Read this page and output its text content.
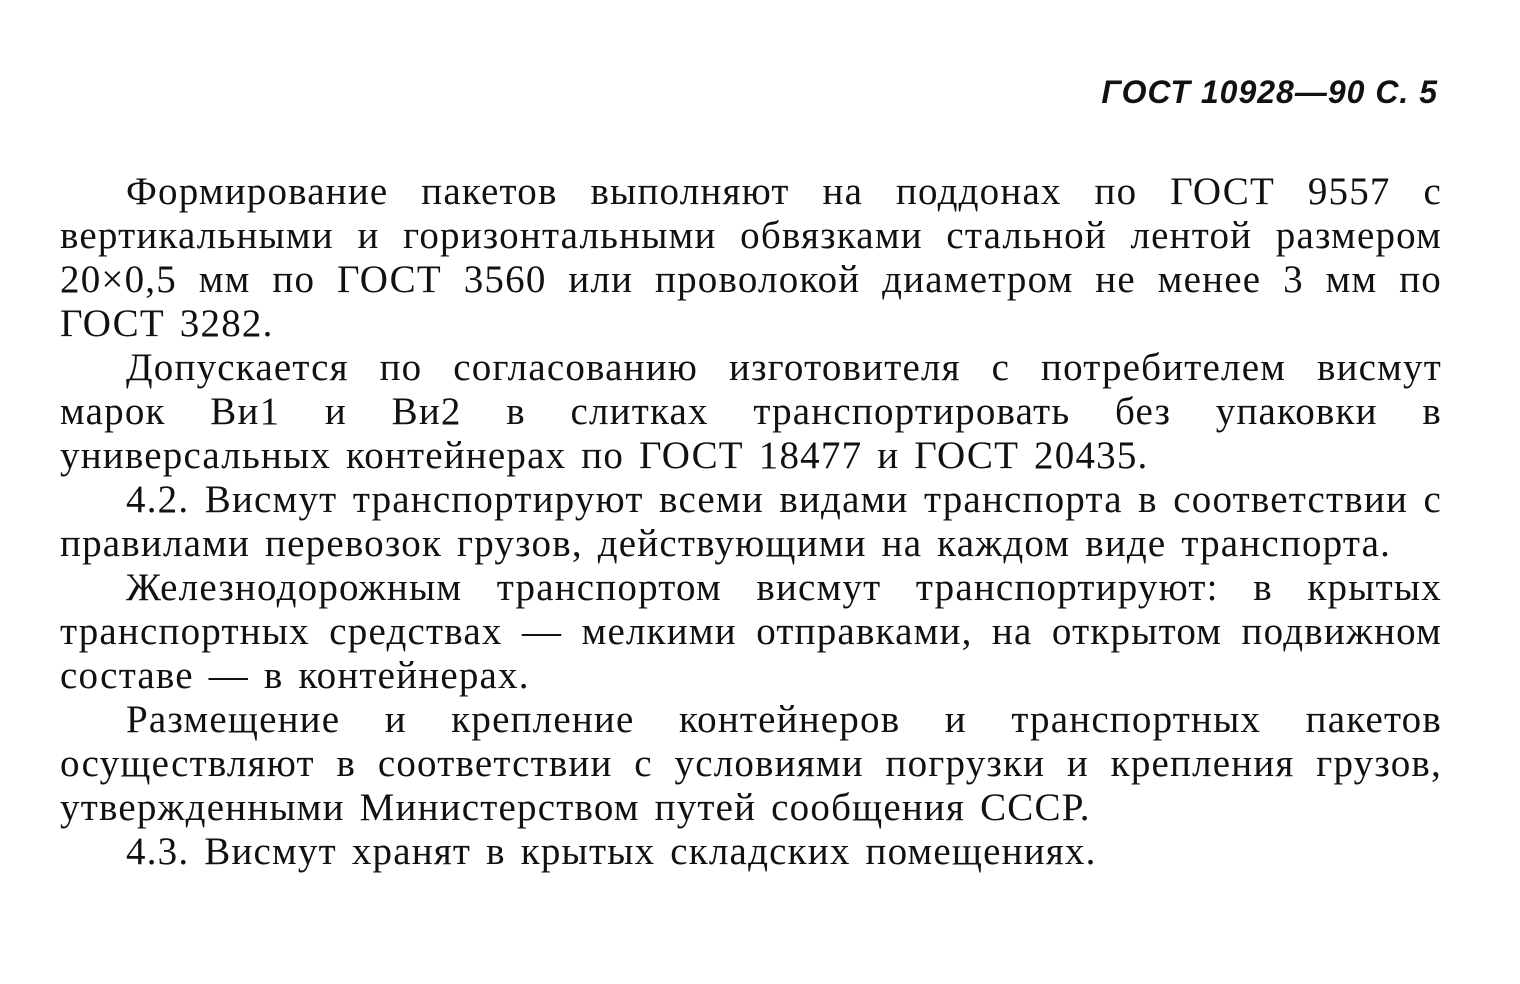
ГОСТ 10928—90 С. 5

Формирование пакетов выполняют на поддонах по ГОСТ 9557 с вертикальными и горизонтальными обвязками стальной лентой размером 20×0,5 мм по ГОСТ 3560 или проволокой диаметром не менее 3 мм по ГОСТ 3282.

Допускается по согласованию изготовителя с потребителем висмут марок Ви1 и Ви2 в слитках транспортировать без упаковки в универсальных контейнерах по ГОСТ 18477 и ГОСТ 20435.

4.2. Висмут транспортируют всеми видами транспорта в соответствии с правилами перевозок грузов, действующими на каждом виде транспорта.

Железнодорожным транспортом висмут транспортируют: в крытых транспортных средствах — мелкими отправками, на открытом подвижном составе — в контейнерах.

Размещение и крепление контейнеров и транспортных пакетов осуществляют в соответствии с условиями погрузки и крепления грузов, утвержденными Министерством путей сообщения СССР.

4.3. Висмут хранят в крытых складских помещениях.
